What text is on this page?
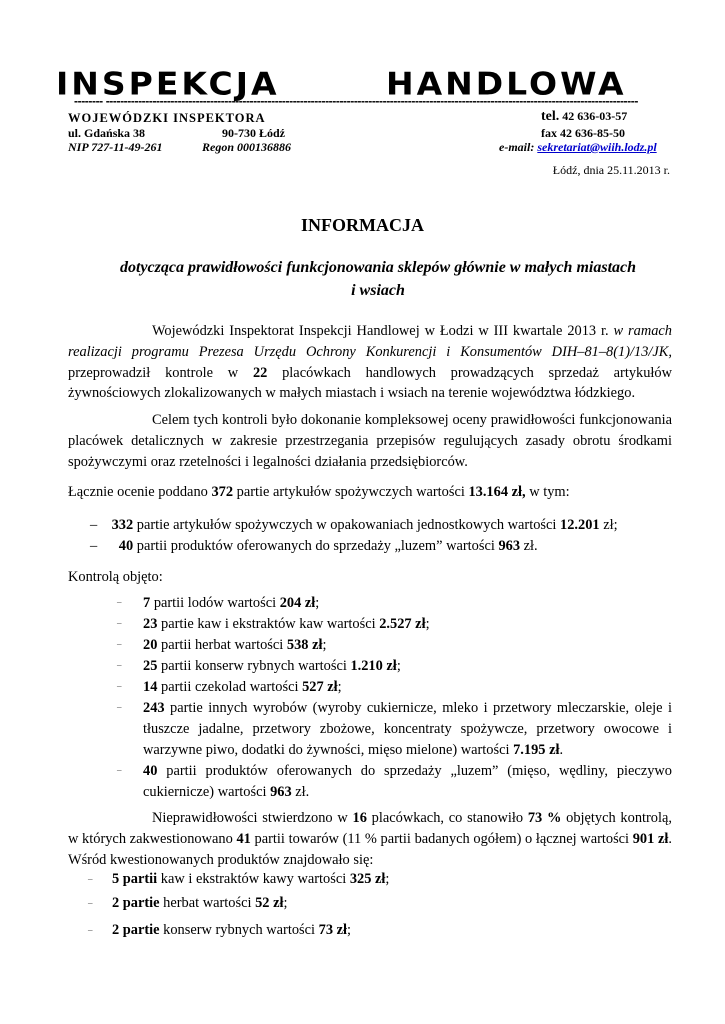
INSPEKCJA	HANDLOWA
-------- ----------------------------------------------------------------------------------------------------------------------------------------------------
WOJEWÓDZKI INSPEKTORA	tel. 42 636-03-57
ul. Gdańska 38	90-730 Łódź	fax 42 636-85-50
NIP 727-11-49-261	Regon 000136886	e-mail: sekretariat@wiih.lodz.pl
Łódź, dnia 25.11.2013 r.
INFORMACJA
dotycząca prawidłowości funkcjonowania sklepów głównie w małych miastach
i wsiach
Wojewódzki Inspektorat Inspekcji Handlowej w Łodzi w III kwartale 2013 r. w ramach realizacji programu Prezesa Urzędu Ochrony Konkurencji i Konsumentów DIH–81–8(1)/13/JK, przeprowadził kontrole w 22 placówkach handlowych prowadzących sprzedaż artykułów żywnościowych zlokalizowanych w małych miastach i wsiach na terenie województwa łódzkiego.
Celem tych kontroli było dokonanie kompleksowej oceny prawidłowości funkcjonowania placówek detalicznych w zakresie przestrzegania przepisów regulujących zasady obrotu środkami spożywczymi oraz rzetelności i legalności działania przedsiębiorców.
Łącznie ocenie poddano 372 partie artykułów spożywczych wartości 13.164 zł, w tym:
– 332 partie artykułów spożywczych w opakowaniach jednostkowych wartości 12.201 zł;
– 40 partii produktów oferowanych do sprzedaży „luzem” wartości 963 zł.
Kontrolą objęto:
– 7 partii lodów wartości 204 zł;
– 23 partie kaw i ekstraktów kaw wartości 2.527 zł;
– 20 partii herbat wartości 538 zł;
– 25 partii konserw rybnych wartości 1.210 zł;
– 14 partii czekolad wartości 527 zł;
– 243 partie innych wyrobów (wyroby cukiernicze, mleko i przetwory mleczarskie, oleje i tłuszcze jadalne, przetwory zbożowe, koncentraty spożywcze, przetwory owocowe i warzywne piwo, dodatki do żywności, mięso mielone) wartości 7.195 zł.
– 40 partii produktów oferowanych do sprzedaży „luzem” (mięso, wędliny, pieczywo cukiernicze) wartości 963 zł.
Nieprawidłowości stwierdzono w 16 placówkach, co stanowiło 73 % objętych kontrolą, w których zakwestionowano 41 partii towarów (11 % partii badanych ogółem) o łącznej wartości 901 zł. Wśród kwestionowanych produktów znajdowało się:
– 5 partii kaw i ekstraktów kawy wartości 325 zł;
– 2 partie herbat wartości 52 zł;
– 2 partie konserw rybnych wartości 73 zł;
